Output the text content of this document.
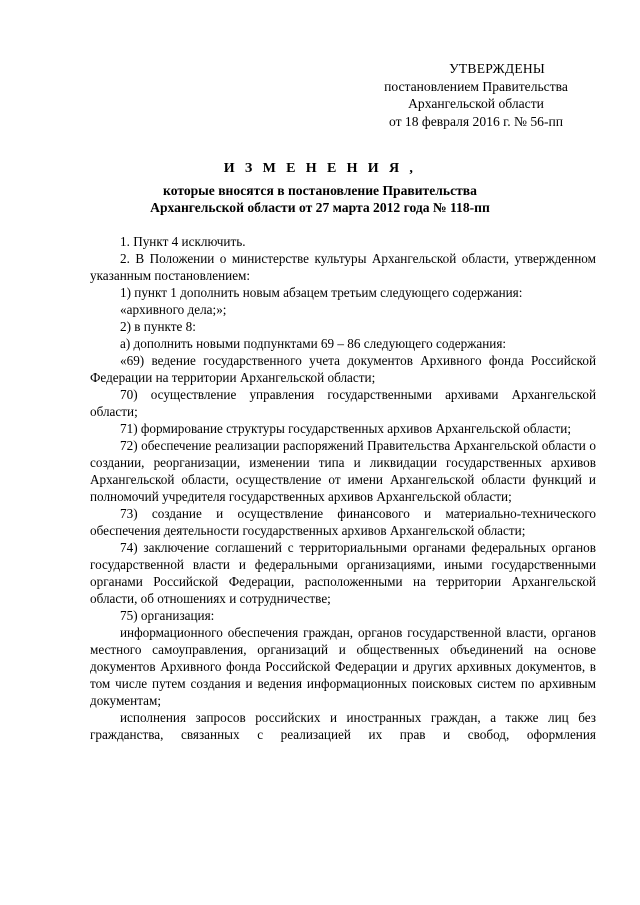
УТВЕРЖДЕНЫ
постановлением Правительства
Архангельской области
от 18 февраля 2016 г. № 56-пп
И З М Е Н Е Н И Я ,
которые вносятся в постановление Правительства
Архангельской области от 27 марта 2012 года № 118-пп

1. Пункт 4 исключить.

2. В Положении о министерстве культуры Архангельской области, утвержденном указанным постановлением:

1) пункт 1 дополнить новым абзацем третьим следующего содержания:

«архивного дела;»;

2) в пункте 8:

а) дополнить новыми подпунктами 69 – 86 следующего содержания:

«69) ведение государственного учета документов Архивного фонда Российской Федерации на территории Архангельской области;

70) осуществление управления государственными архивами Архангельской области;

71) формирование структуры государственных архивов Архангельской области;

72) обеспечение реализации распоряжений Правительства Архангельской области о создании, реорганизации, изменении типа и ликвидации государственных архивов Архангельской области, осуществление от имени Архангельской области функций и полномочий учредителя государственных архивов Архангельской области;

73) создание и осуществление финансового и материально-технического обеспечения деятельности государственных архивов Архангельской области;

74) заключение соглашений с территориальными органами федеральных органов государственной власти и федеральными организациями, иными государственными органами Российской Федерации, расположенными на территории Архангельской области, об отношениях и сотрудничестве;

75) организация:

информационного обеспечения граждан, органов государственной власти, органов местного самоуправления, организаций и общественных объединений на основе документов Архивного фонда Российской Федерации и других архивных документов, в том числе путем создания и ведения информационных поисковых систем по архивным документам;

исполнения запросов российских и иностранных граждан, а также лиц без гражданства, связанных с реализацией их прав и свобод, оформления
